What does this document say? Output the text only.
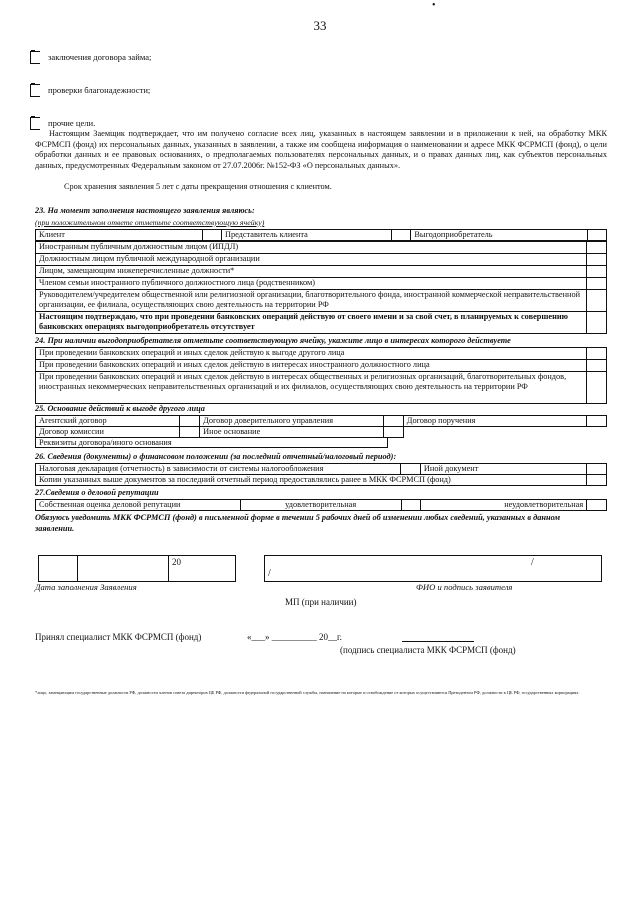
33
•
заключения договора займа;
проверки благонадежности;
прочие цели.
Настоящим Заемщик подтверждает, что им получено согласие всех лиц, указанных в настоящем заявлении и в приложении к ней, на обработку МКК ФСРМСП (фонд) их персональных данных, указанных в заявлении, а также им сообщена информация о наименовании и адресе МКК ФСРМСП (фонд), о цели обработки данных и ее правовых основаниях, о предполагаемых пользователях персональных данных, и о правах данных лиц, как субъектов персональных данных, предусмотренных Федеральным законом от 27.07.2006г. №152-ФЗ «О персональных данных».
Срок хранения заявления 5 лет с даты прекращения отношения с клиентом.
23. На момент заполнения настоящего заявления являюсь:
(при положительном ответе отметьте соответствующую ячейку)
Клиент		Представитель клиента		Выгодоприобретатель	
Иностранным публичным должностным лицом (ИПДЛ)	
Должностным лицом публичной международной организации	
Лицом, замещающим нижеперечисленные должности*	
Членом семьи иностранного публичного должностного лица (родственником)	
Руководителем/учредителем общественной или религиозной организации, благотворительного фонда, иностранной коммерческой неправительственной организации, ее филиала, осуществляющих свою деятельность на территории РФ	
Настоящим подтверждаю, что при проведении банковских операций действую от своего имени и за свой счет, в планируемых к совершению банковских операциях выгодоприобретатель отсутствует	
24. При наличии выгодоприобретателя отметьте соответствующую ячейку, укажите лицо в интересах которого действуете
При проведении банковских операций и иных сделок действую к выгоде другого лица	
При проведении банковских операций и иных сделок действую в интересах иностранного должностного лица	
При проведении банковских операций и иных сделок действую в интересах общественных и религиозных организаций, благотворительных фондов, иностранных некоммерческих неправительственных организаций и их филиалов, осуществляющих свою деятельность на территории РФ	
25. Основание действий к выгоде другого лица
Агентский договор		Договор доверительного управления		Договор поручения	
Договор комиссии		Иное основание			
Реквизиты договора/иного основания
26. Сведения (документы) о финансовом положении (за последний отчетный/налоговый период):
Налоговая декларация (отчетность) в зависимости от системы налогообложения		Иной документ	
Копии указанных выше документов за последний отчетный период предоставлялись ранее в МКК ФСРМСП (фонд)			
27.Сведения о деловой репутации
Собственная оценка деловой репутации	удовлетворительная		неудовлетворительная	
Обязуюсь уведомить МКК ФСРМСП (фонд) в письменной форме в течении 5 рабочих дней об изменении любых сведений, указанных в данном заявлении.
20
/
/
Дата заполнения Заявления	ФИО и подпись заявителя
МП (при наличии)
Принял специалист МКК ФСРМСП (фонд)	«___» __________ 20__г.
(подпись специалиста МКК ФСРМСП (фонд)
*лицо, замещающим государственные должности РФ, должности членов совета директоров ЦБ РФ, должности федеральной государственной службы, назначение на которые и освобождение от которых осуществляются Президентом РФ, должности в ЦБ РФ, государственных корпорациях.
